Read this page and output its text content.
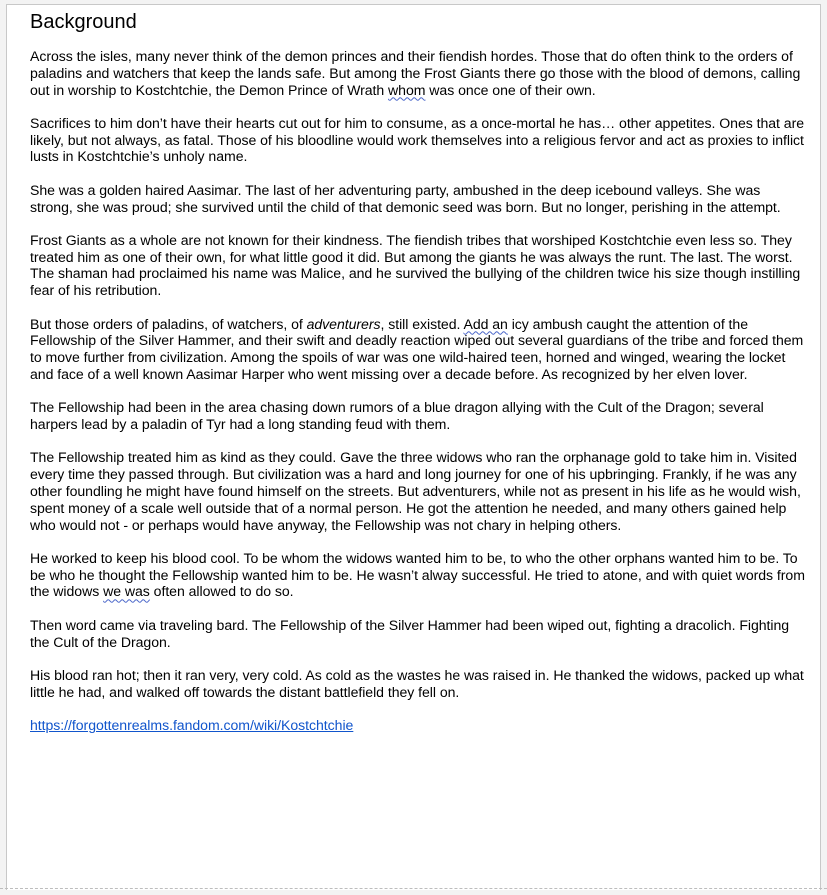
Background

Across the isles, many never think of the demon princes and their fiendish hordes. Those that do often think to the orders of paladins and watchers that keep the lands safe. But among the Frost Giants there go those with the blood of demons, calling out in worship to Kostchtchie, the Demon Prince of Wrath whom was once one of their own.

Sacrifices to him don’t have their hearts cut out for him to consume, as a once-mortal he has… other appetites. Ones that are likely, but not always, as fatal. Those of his bloodline would work themselves into a religious fervor and act as proxies to inflict lusts in Kostchtchie’s unholy name.

She was a golden haired Aasimar. The last of her adventuring party, ambushed in the deep icebound valleys. She was strong, she was proud; she survived until the child of that demonic seed was born. But no longer, perishing in the attempt.

Frost Giants as a whole are not known for their kindness. The fiendish tribes that worshiped Kostchtchie even less so. They treated him as one of their own, for what little good it did. But among the giants he was always the runt. The last. The worst. The shaman had proclaimed his name was Malice, and he survived the bullying of the children twice his size though instilling fear of his retribution.

But those orders of paladins, of watchers, of adventurers, still existed. Add an icy ambush caught the attention of the Fellowship of the Silver Hammer, and their swift and deadly reaction wiped out several guardians of the tribe and forced them to move further from civilization. Among the spoils of war was one wild-haired teen, horned and winged, wearing the locket and face of a well known Aasimar Harper who went missing over a decade before. As recognized by her elven lover.

The Fellowship had been in the area chasing down rumors of a blue dragon allying with the Cult of the Dragon; several harpers lead by a paladin of Tyr had a long standing feud with them.

The Fellowship treated him as kind as they could. Gave the three widows who ran the orphanage gold to take him in. Visited every time they passed through. But civilization was a hard and long journey for one of his upbringing. Frankly, if he was any other foundling he might have found himself on the streets. But adventurers, while not as present in his life as he would wish, spent money of a scale well outside that of a normal person. He got the attention he needed, and many others gained help who would not - or perhaps would have anyway, the Fellowship was not chary in helping others.

He worked to keep his blood cool. To be whom the widows wanted him to be, to who the other orphans wanted him to be. To be who he thought the Fellowship wanted him to be. He wasn’t alway successful. He tried to atone, and with quiet words from the widows we was often allowed to do so.

Then word came via traveling bard. The Fellowship of the Silver Hammer had been wiped out, fighting a dracolich. Fighting the Cult of the Dragon.

His blood ran hot; then it ran very, very cold. As cold as the wastes he was raised in. He thanked the widows, packed up what little he had, and walked off towards the distant battlefield they fell on.

https://forgottenrealms.fandom.com/wiki/Kostchtchie
